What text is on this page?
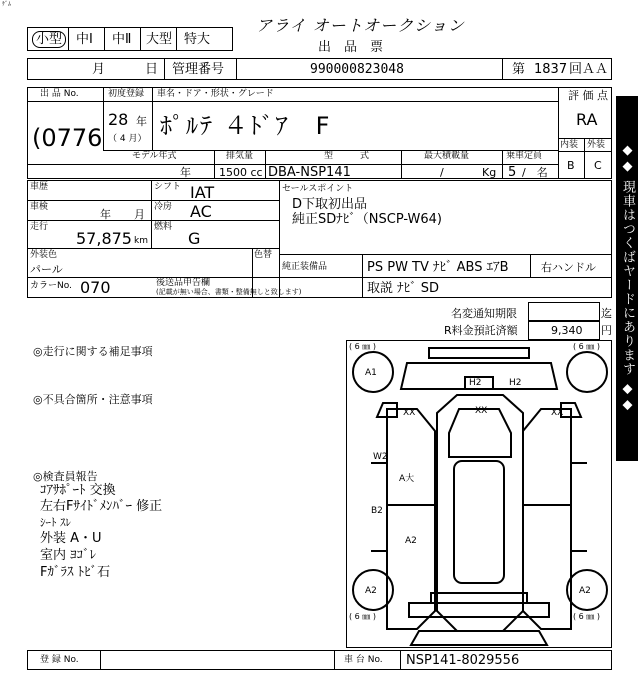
ｹﾞﾑ
小型	中Ⅰ 中Ⅱ 大型 特大
アライ オートオークション
出　品　票
月	日 管理番号	990000823048	第 1837 回ＡＡ
出 品 No.
(0776
初度登録
28 年
（ 4 月）
車名・ドア・形状・グレード
ﾎﾟﾙﾃ ４ﾄﾞｱ　F
評 価 点
RA
内装 外装
B C
モデル年式
年
排気量
1500 cc
型　　　式
DBA-NSP141
最大積載量
/	Kg
乗車定員
5 /　名
車歴	シフト IAT
車検
年 月
冷房 AC
走行
57,875 km
燃料
G
外装色
パール
色替
カラーNo. 070	後送品申告欄
(記載が無い場合、書類・整備無しと致します)
セールスポイント
D下取初出品
純正SDﾅﾋﾞ（NSCP-W64)
純正装備品	PS PW TV ﾅﾋﾞ ABS ｴｱB	右ハンドル
取説 ﾅﾋﾞ SD
名変通知期限	迄
R料金預託済額	9,340 円
◎走行に関する補足事項
◎不具合箇所・注意事項
◎検査員報告
ｺｱｻﾎﾟｰﾄ 交換
左右Fｻｲﾄﾞﾒﾝﾊﾞｰ 修正
ｼｰﾄ ｽﾚ
外装 A・U
室内 ﾖｺﾞﾚ
Fｶﾞﾗｽ ﾄﾋﾞ石
( 6 ㎜ )	( 6 ㎜ )
( 6 ㎜ )	( 6 ㎜ )
A1
H2	H2
XX	XX	XX
W2
A大
B2
A2
A2	A2
登 録 No.	車 台 No. NSP141-8029556
◆◆ 現車はつくばヤードにあります ◆◆
